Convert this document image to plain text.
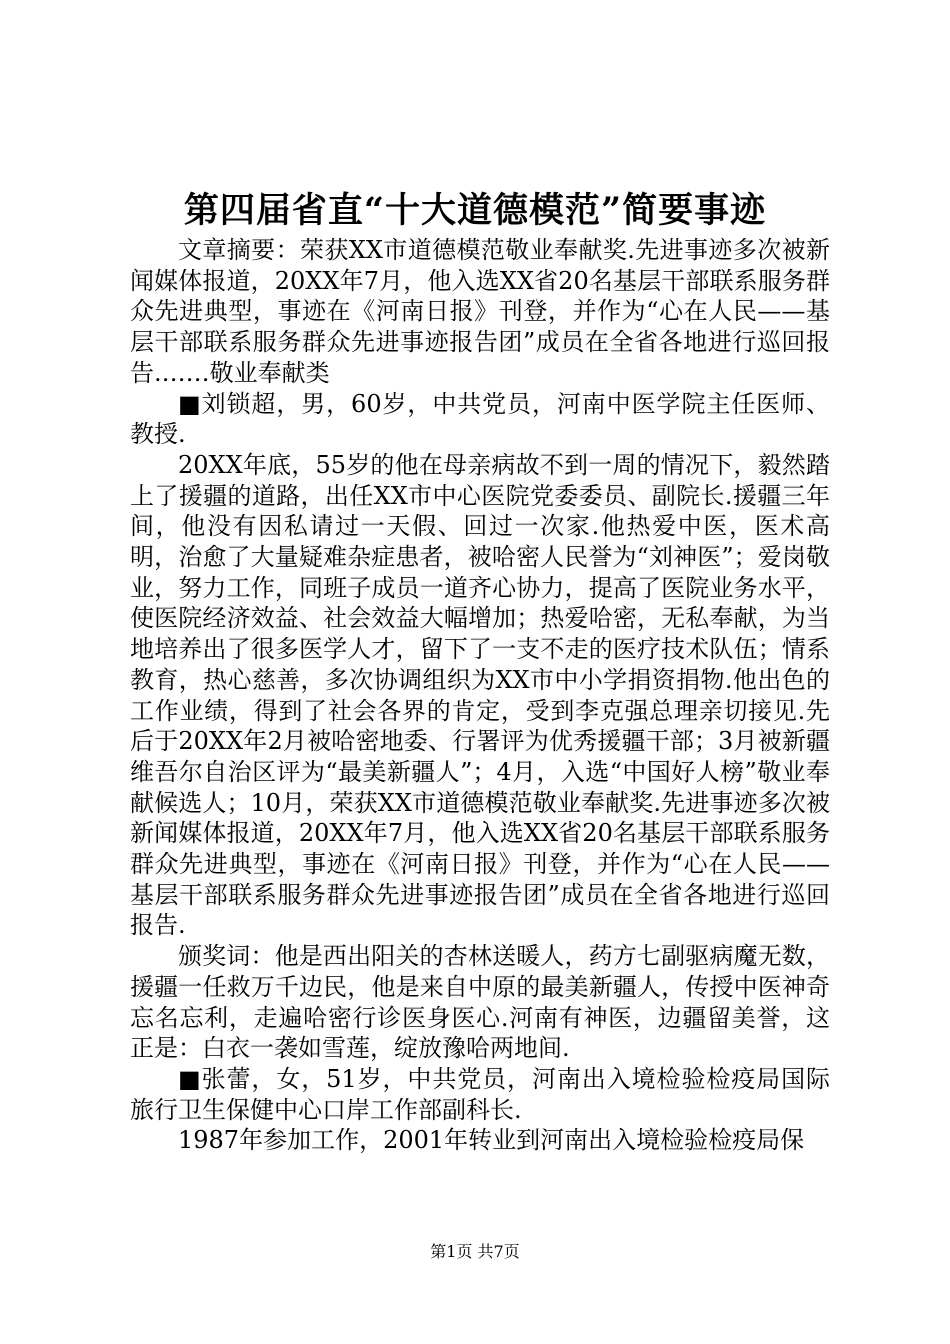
第四届省直“十大道德模范”简要事迹

文章摘要：荣获XX市道德模范敬业奉献奖.先进事迹多次被新闻媒体报道，20XX年7月，他入选XX省20名基层干部联系服务群众先进典型，事迹在《河南日报》刊登，并作为“心在人民——基层干部联系服务群众先进事迹报告团”成员在全省各地进行巡回报告.……敬业奉献类

■刘锁超，男，60岁，中共党员，河南中医学院主任医师、教授.

20XX年底，55岁的他在母亲病故不到一周的情况下，毅然踏上了援疆的道路，出任XX市中心医院党委委员、副院长.援疆三年间，他没有因私请过一天假、回过一次家.他热爱中医，医术高明，治愈了大量疑难杂症患者，被哈密人民誉为“刘神医”；爱岗敬业，努力工作，同班子成员一道齐心协力，提高了医院业务水平，使医院经济效益、社会效益大幅增加；热爱哈密，无私奉献，为当地培养出了很多医学人才，留下了一支不走的医疗技术队伍；情系教育，热心慈善，多次协调组织为XX市中小学捐资捐物.他出色的工作业绩，得到了社会各界的肯定，受到李克强总理亲切接见.先后于20XX年2月被哈密地委、行署评为优秀援疆干部；3月被新疆维吾尔自治区评为“最美新疆人”；4月，入选“中国好人榜”敬业奉献候选人；10月，荣获XX市道德模范敬业奉献奖.先进事迹多次被新闻媒体报道，20XX年7月，他入选XX省20名基层干部联系服务群众先进典型，事迹在《河南日报》刊登，并作为“心在人民——基层干部联系服务群众先进事迹报告团”成员在全省各地进行巡回报告.

颁奖词：他是西出阳关的杏林送暖人，药方七副驱病魔无数，援疆一任救万千边民，他是来自中原的最美新疆人，传授中医神奇忘名忘利，走遍哈密行诊医身医心.河南有神医，边疆留美誉，这正是：白衣一袭如雪莲，绽放豫哈两地间.

■张蕾，女，51岁，中共党员，河南出入境检验检疫局国际旅行卫生保健中心口岸工作部副科长.

1987年参加工作，2001年转业到河南出入境检验检疫局保

第1页 共7页
